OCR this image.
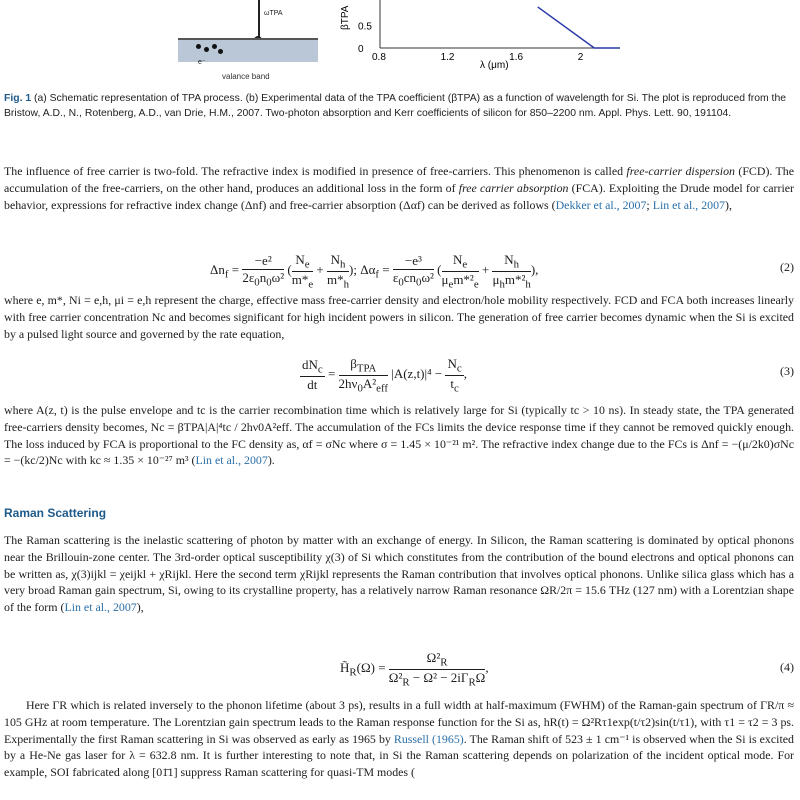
ωTPA
e⁻
valance band
βTPA
0
0.5
0.8	1.2	1.6	2
λ (μm)
Fig. 1 (a) Schematic representation of TPA process. (b) Experimental data of the TPA coefficient (βTPA) as a function of wavelength for Si. The plot is reproduced from the Bristow, A.D., N., Rotenberg, A.D., van Drie, H.M., 2007. Two-photon absorption and Kerr coefficients of silicon for 850–2200 nm. Appl. Phys. Lett. 90, 191104.
The influence of free carrier is two-fold. The refractive index is modified in presence of free-carriers. This phenomenon is called free-carrier dispersion (FCD). The accumulation of the free-carriers, on the other hand, produces an additional loss in the form of free carrier absorption (FCA). Exploiting the Drude model for carrier behavior, expressions for refractive index change (Δnf) and free-carrier absorption (Δαf) can be derived as follows (Dekker et al., 2007; Lin et al., 2007),
$\Delta n_f = \frac{\text{−e²}}{2\varepsilon_0n_0\omega^2}$ ( $\frac{N_e}{m*_e} + \frac{N_h}{m*_h}$ ); $\Delta\alpha_f = \frac{\text{−e³}}{\varepsilon_0cn_0\omega^2}$ ( $\frac{N_e}{\mu_em*^2_e} + \frac{N_h}{\mu_hm*^2_h}$ ),	(2)
where e, m*, Ni = e,h, μi = e,h represent the charge, effective mass free-carrier density and electron/hole mobility respectively. FCD and FCA both increases linearly with free carrier concentration Nc and becomes significant for high incident powers in silicon. The generation of free carrier becomes dynamic when the Si is excited by a pulsed light source and governed by the rate equation,
$\frac{dN_c}{dt} = \frac{\beta_{TPA}}{2h\nu_0A^2_{eff}} |A(z,t)|^4 - \frac{N_c}{t_c}$ ,	(3)
where A(z, t) is the pulse envelope and tc is the carrier recombination time which is relatively large for Si (typically tc > 10 ns). In steady state, the TPA generated free-carriers density becomes, Nc = βTPA|A|⁴tc / 2hν0A²eff. The accumulation of the FCs limits the device response time if they cannot be removed quickly enough. The loss induced by FCA is proportional to the FC density as, αf = σNc where σ = 1.45 × 10⁻²¹ m². The refractive index change due to the FCs is Δnf = −(μ/2k0)σNc = −(kc/2)Nc with kc ≈ 1.35 × 10⁻²⁷ m³ (Lin et al., 2007).
Raman Scattering
The Raman scattering is the inelastic scattering of photon by matter with an exchange of energy. In Silicon, the Raman scattering is dominated by optical phonons near the Brillouin-zone center. The 3rd-order optical susceptibility χ(3) of Si which constitutes from the contribution of the bound electrons and optical phonons can be written as, χ(3)ijkl = χeijkl + χRijkl. Here the second term χRijkl represents the Raman contribution that involves optical phonons. Unlike silica glass which has a very broad Raman gain spectrum, Si, owing to its crystalline property, has a relatively narrow Raman resonance ΩR/2π = 15.6 THz (127 nm) with a Lorentzian shape of the form (Lin et al., 2007),
$H̃_R(\Omega) = \frac{\Omega^2_R}{\Omega^2_R - \Omega^2 - 2i\Gamma_R\Omega}$ ,	(4)
Here ΓR which is related inversely to the phonon lifetime (about 3 ps), results in a full width at half-maximum (FWHM) of the Raman-gain spectrum of ΓR/π ≈ 105 GHz at room temperature. The Lorentzian gain spectrum leads to the Raman response function for the Si as, hR(t) = Ω²Rτ1exp(t/τ2)sin(t/τ1), with τ1 = τ2 = 3 ps. Experimentally the first Raman scattering in Si was observed as early as 1965 by Russell (1965). The Raman shift of 523 ± 1 cm⁻¹ is observed when the Si is excited by a He-Ne gas laser for λ = 632.8 nm. It is further interesting to note that, in Si the Raman scattering depends on polarization of the incident optical mode. For example, SOI fabricated along [01̄1] suppress Raman scattering for quasi-TM modes (
